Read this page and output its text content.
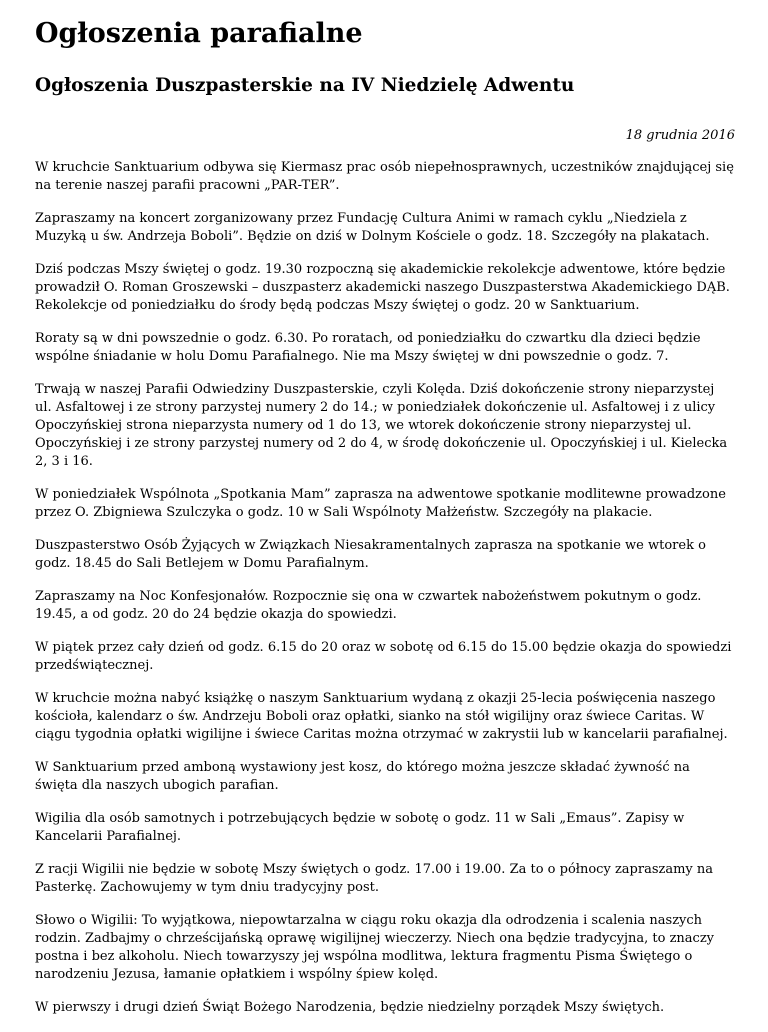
Ogłoszenia parafialne
Ogłoszenia Duszpasterskie na IV Niedzielę Adwentu
18 grudnia 2016

W kruchcie Sanktuarium odbywa się Kiermasz prac osób niepełnosprawnych, uczestników znajdującej się na terenie naszej parafii pracowni „PAR-TER”.

Zapraszamy na koncert zorganizowany przez Fundację Cultura Animi w ramach cyklu „Niedziela z Muzyką u św. Andrzeja Boboli”. Będzie on dziś w Dolnym Kościele o godz. 18. Szczegóły na plakatach.

Dziś podczas Mszy świętej o godz. 19.30 rozpoczną się akademickie rekolekcje adwentowe, które będzie prowadził O. Roman Groszewski – duszpasterz akademicki naszego Duszpasterstwa Akademickiego DĄB. Rekolekcje od poniedziałku do środy będą podczas Mszy świętej o godz. 20 w Sanktuarium.

Roraty są w dni powszednie o godz. 6.30. Po roratach, od poniedziałku do czwartku dla dzieci będzie wspólne śniadanie w holu Domu Parafialnego. Nie ma Mszy świętej w dni powszednie o godz. 7.

Trwają w naszej Parafii Odwiedziny Duszpasterskie, czyli Kolęda. Dziś dokończenie strony nieparzystej ul. Asfaltowej i ze strony parzystej numery 2 do 14.; w poniedziałek dokończenie ul. Asfaltowej i z ulicy Opoczyńskiej strona nieparzysta numery od 1 do 13, we wtorek dokończenie strony nieparzystej ul. Opoczyńskiej i ze strony parzystej numery od 2 do 4, w środę dokończenie ul. Opoczyńskiej i ul. Kielecka 2, 3 i 16.

W poniedziałek Wspólnota „Spotkania Mam” zaprasza na adwentowe spotkanie modlitewne prowadzone przez O. Zbigniewa Szulczyka o godz. 10 w Sali Wspólnoty Małżeństw. Szczegóły na plakacie.

Duszpasterstwo Osób Żyjących w Związkach Niesakramentalnych zaprasza na spotkanie we wtorek o godz. 18.45 do Sali Betlejem w Domu Parafialnym.

Zapraszamy na Noc Konfesjonałów. Rozpocznie się ona w czwartek nabożeństwem pokutnym o godz. 19.45, a od godz. 20 do 24 będzie okazja do spowiedzi.

W piątek przez cały dzień od godz. 6.15 do 20 oraz w sobotę od 6.15 do 15.00 będzie okazja do spowiedzi przedświątecznej.

W kruchcie można nabyć książkę o naszym Sanktuarium wydaną z okazji 25-lecia poświęcenia naszego kościoła, kalendarz o św. Andrzeju Boboli oraz opłatki, sianko na stół wigilijny oraz świece Caritas. W ciągu tygodnia opłatki wigilijne i świece Caritas można otrzymać w zakrystii lub w kancelarii parafialnej.

W Sanktuarium przed amboną wystawiony jest kosz, do którego można jeszcze składać żywność na święta dla naszych ubogich parafian.

Wigilia dla osób samotnych i potrzebujących będzie w sobotę o godz. 11 w Sali „Emaus”. Zapisy w Kancelarii Parafialnej.

Z racji Wigilii nie będzie w sobotę Mszy świętych o godz. 17.00 i 19.00. Za to o północy zapraszamy na Pasterkę. Zachowujemy w tym dniu tradycyjny post.

Słowo o Wigilii: To wyjątkowa, niepowtarzalna w ciągu roku okazja dla odrodzenia i scalenia naszych rodzin. Zadbajmy o chrześcijańską oprawę wigilijnej wieczerzy. Niech ona będzie tradycyjna, to znaczy postna i bez alkoholu. Niech towarzyszy jej wspólna modlitwa, lektura fragmentu Pisma Świętego o narodzeniu Jezusa, łamanie opłatkiem i wspólny śpiew kolęd.

W pierwszy i drugi dzień Świąt Bożego Narodzenia, będzie niedzielny porządek Mszy świętych.
